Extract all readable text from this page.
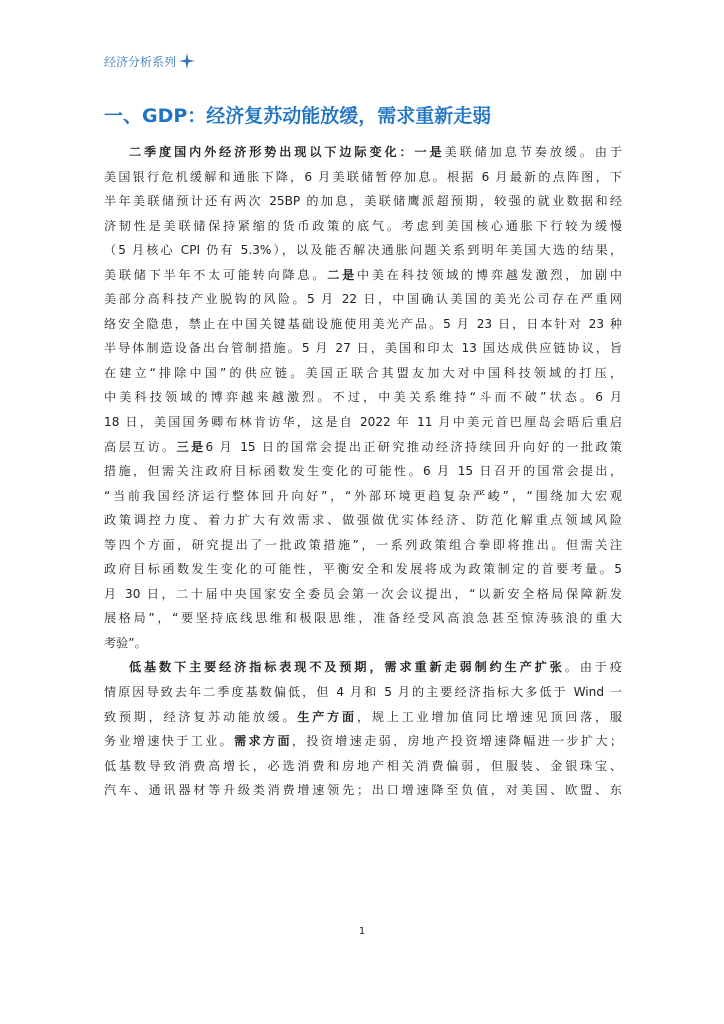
经济分析系列
一、GDP：经济复苏动能放缓，需求重新走弱

二季度国内外经济形势出现以下边际变化：一是美联储加息节奏放缓。由于
美国银行危机缓解和通胀下降，6 月美联储暂停加息。根据 6 月最新的点阵图，下
半年美联储预计还有两次 25BP 的加息，美联储鹰派超预期，较强的就业数据和经
济韧性是美联储保持紧缩的货币政策的底气。考虑到美国核心通胀下行较为缓慢
（5 月核心 CPI 仍有 5.3%），以及能否解决通胀问题关系到明年美国大选的结果，
美联储下半年不太可能转向降息。二是中美在科技领域的博弈越发激烈，加剧中
美部分高科技产业脱钩的风险。5 月 22 日，中国确认美国的美光公司存在严重网
络安全隐患，禁止在中国关键基础设施使用美光产品。5 月 23 日，日本针对 23 种
半导体制造设备出台管制措施。5 月 27 日，美国和印太 13 国达成供应链协议，旨
在建立“排除中国”的供应链。美国正联合其盟友加大对中国科技领域的打压，
中美科技领域的博弈越来越激烈。不过，中美关系维持“斗而不破”状态。6 月
18 日，美国国务卿布林肯访华，这是自 2022 年 11 月中美元首巴厘岛会晤后重启
高层互访。三是6 月 15 日的国常会提出正研究推动经济持续回升向好的一批政策
措施，但需关注政府目标函数发生变化的可能性。6 月 15 日召开的国常会提出，
“当前我国经济运行整体回升向好”，“外部环境更趋复杂严峻”，“围绕加大宏观
政策调控力度、着力扩大有效需求、做强做优实体经济、防范化解重点领域风险
等四个方面，研究提出了一批政策措施”，一系列政策组合拳即将推出。但需关注
政府目标函数发生变化的可能性，平衡安全和发展将成为政策制定的首要考量。5
月 30 日，二十届中央国家安全委员会第一次会议提出，“以新安全格局保障新发
展格局”，“要坚持底线思维和极限思维，准备经受风高浪急甚至惊涛骇浪的重大
考验”。

低基数下主要经济指标表现不及预期，需求重新走弱制约生产扩张。由于疫
情原因导致去年二季度基数偏低，但 4 月和 5 月的主要经济指标大多低于 Wind 一
致预期，经济复苏动能放缓。生产方面，规上工业增加值同比增速见顶回落，服
务业增速快于工业。需求方面，投资增速走弱，房地产投资增速降幅进一步扩大；
低基数导致消费高增长，必选消费和房地产相关消费偏弱，但服装、金银珠宝、
汽车、通讯器材等升级类消费增速领先；出口增速降至负值，对美国、欧盟、东

1
